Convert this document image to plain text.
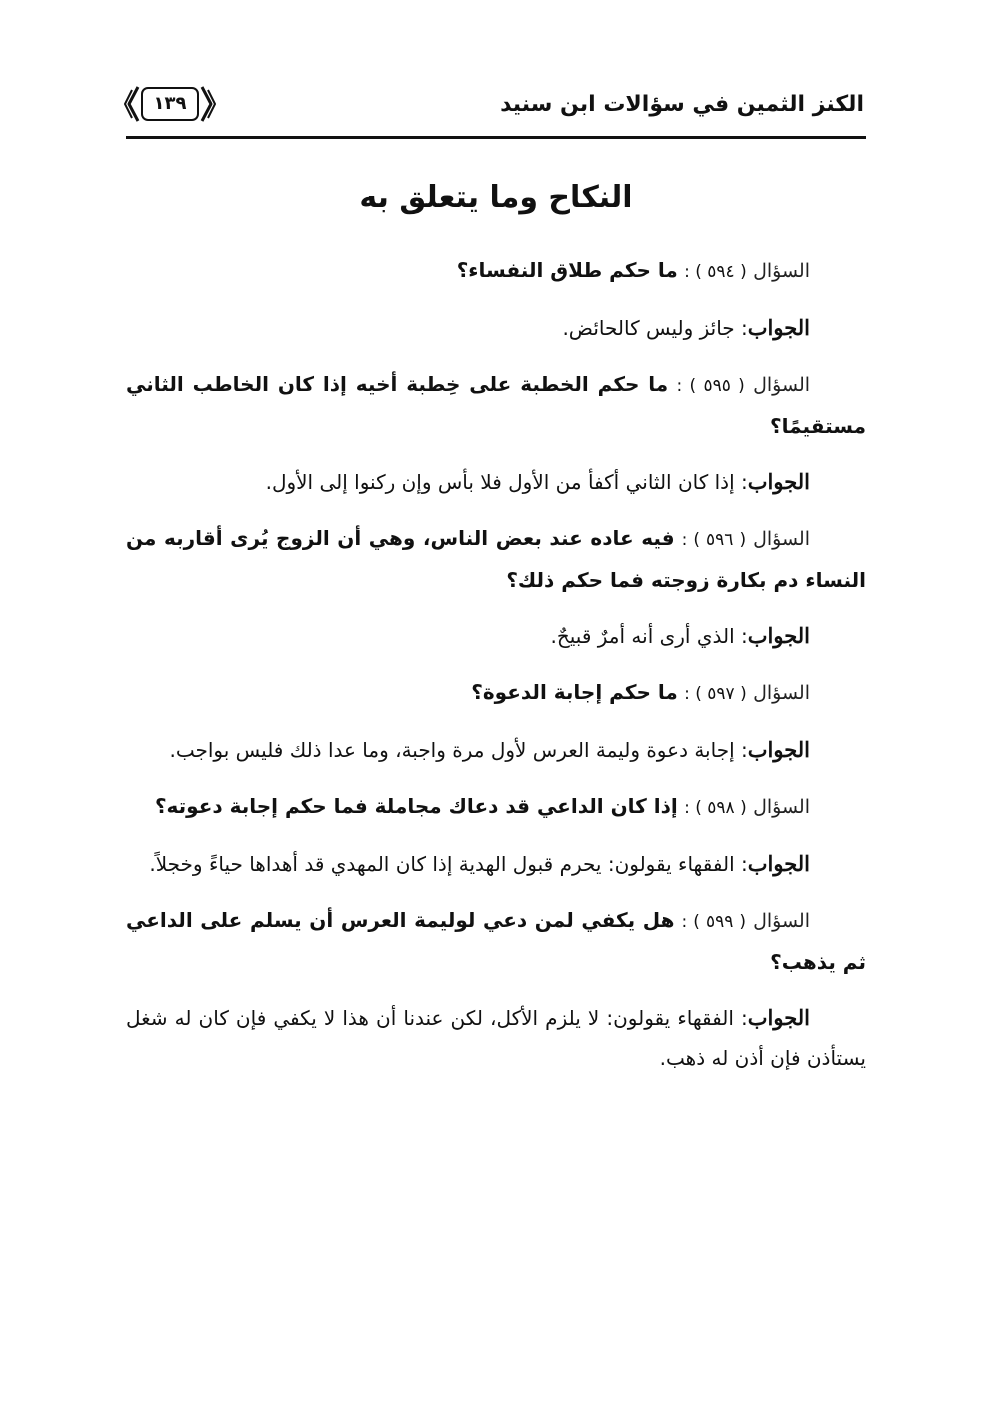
الكنز الثمين في سؤالات ابن سنيد
١٣٩
النكاح وما يتعلق به

السؤال ( ٥٩٤ ) : ما حكم طلاق النفساء؟

الجواب: جائز وليس كالحائض.

السؤال ( ٥٩٥ ) : ما حكم الخطبة على خِطبة أخيه إذا كان الخاطب الثاني مستقيمًا؟

الجواب: إذا كان الثاني أكفأ من الأول فلا بأس وإن ركنوا إلى الأول.

السؤال ( ٥٩٦ ) : فيه عاده عند بعض الناس، وهي أن الزوج يُرى أقاربه من النساء دم بكارة زوجته فما حكم ذلك؟

الجواب: الذي أرى أنه أمرٌ قبيحٌ.

السؤال ( ٥٩٧ ) : ما حكم إجابة الدعوة؟

الجواب: إجابة دعوة وليمة العرس لأول مرة واجبة، وما عدا ذلك فليس بواجب.

السؤال ( ٥٩٨ ) : إذا كان الداعي قد دعاك مجاملة فما حكم إجابة دعوته؟

الجواب: الفقهاء يقولون: يحرم قبول الهدية إذا كان المهدي قد أهداها حياءً وخجلاً.

السؤال ( ٥٩٩ ) : هل يكفي لمن دعي لوليمة العرس أن يسلم على الداعي ثم يذهب؟

الجواب: الفقهاء يقولون: لا يلزم الأكل، لكن عندنا أن هذا لا يكفي فإن كان له شغل يستأذن فإن أذن له ذهب.
